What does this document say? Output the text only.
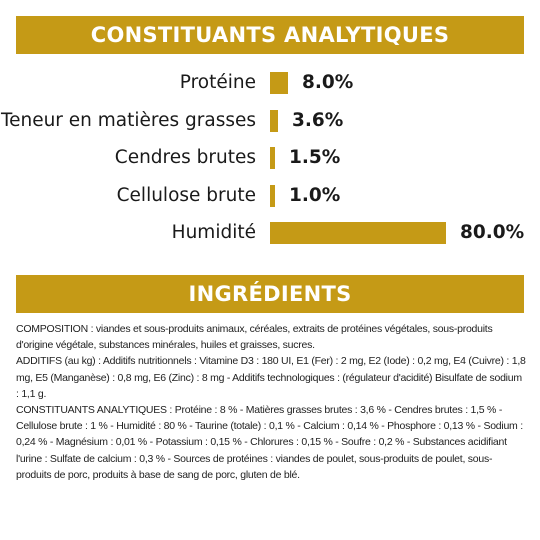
CONSTITUANTS ANALYTIQUES
Protéine 8.0%
Teneur en matières grasses 3.6%
Cendres brutes 1.5%
Cellulose brute 1.0%
Humidité	80.0%
INGRÉDIENTS

COMPOSITION : viandes et sous-produits animaux, céréales, extraits de protéines végétales, sous-produits d'origine végétale, substances minérales, huiles et graisses, sucres.

ADDITIFS (au kg) : Additifs nutritionnels : Vitamine D3 : 180 UI, E1 (Fer) : 2 mg, E2 (Iode) : 0,2 mg, E4 (Cuivre) : 1,8 mg, E5 (Manganèse) : 0,8 mg, E6 (Zinc) : 8 mg - Additifs technologiques : (régulateur d'acidité) Bisulfate de sodium : 1,1 g.

CONSTITUANTS ANALYTIQUES : Protéine : 8 % - Matières grasses brutes : 3,6 % - Cendres brutes : 1,5 % - Cellulose brute : 1 % - Humidité : 80 % - Taurine (totale) : 0,1 % - Calcium : 0,14 % - Phosphore : 0,13 % - Sodium : 0,24 % - Magnésium : 0,01 % - Potassium : 0,15 % - Chlorures : 0,15 % - Soufre : 0,2 % - Substances acidifiant l'urine : Sulfate de calcium : 0,3 % - Sources de protéines : viandes de poulet, sous-produits de poulet, sous-produits de porc, produits à base de sang de porc, gluten de blé.
